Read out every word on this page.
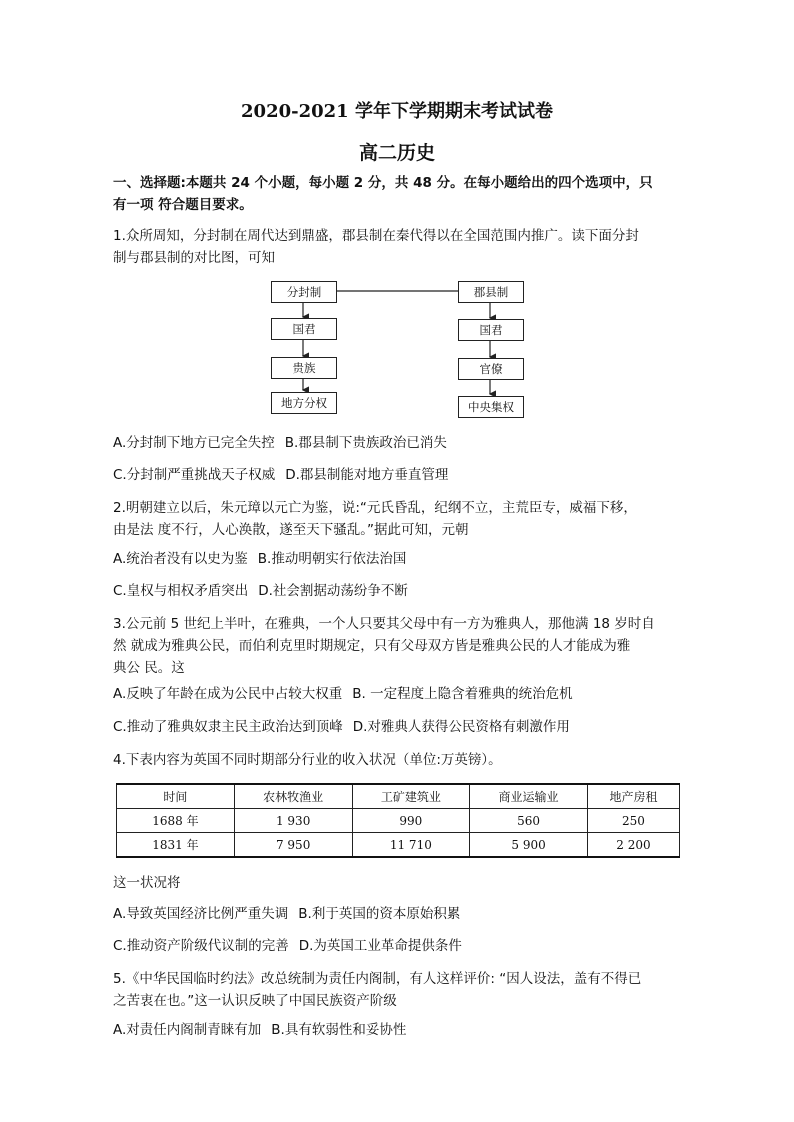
2020-2021 学年下学期期末考试试卷
高二历史
一、选择题:本题共 24 个小题，每小题 2 分，共 48 分。在每小题给出的四个选项中，只
有一项 符合题目要求。
1.众所周知，分封制在周代达到鼎盛，郡县制在秦代得以在全国范围内推广。读下面分封
制与郡县制的对比图，可知
分封制
国君
贵族
地方分权
郡县制
国君
官僚
中央集权
A.分封制下地方已完全失控 B.郡县制下贵族政治已消失
C.分封制严重挑战天子权威 D.郡县制能对地方垂直管理
2.明朝建立以后，朱元璋以元亡为鉴，说:“元氏昏乱，纪纲不立，主荒臣专，威福下移，
由是法 度不行，人心涣散，遂至天下骚乱。”据此可知，元朝
A.统治者没有以史为鉴 B.推动明朝实行依法治国
C.皇权与相权矛盾突出 D.社会割据动荡纷争不断
3.公元前 5 世纪上半叶，在雅典，一个人只要其父母中有一方为雅典人，那他满 18 岁时自
然 就成为雅典公民，而伯利克里时期规定，只有父母双方皆是雅典公民的人才能成为雅
典公 民。这
A.反映了年龄在成为公民中占较大权重 B. 一定程度上隐含着雅典的统治危机
C.推动了雅典奴隶主民主政治达到顶峰 D.对雅典人获得公民资格有刺激作用
4.下表内容为英国不同时期部分行业的收入状况（单位:万英镑）。
时间	农林牧渔业	工矿建筑业	商业运输业	地产房租
1688 年	1 930	990	560	250
1831 年	7 950	11 710	5 900	2 200
这一状况将
A.导致英国经济比例严重失调 B.利于英国的资本原始积累
C.推动资产阶级代议制的完善 D.为英国工业革命提供条件
5.《中华民国临时约法》改总统制为责任内阁制，有人这样评价: “因人设法，盖有不得已
之苦衷在也。”这一认识反映了中国民族资产阶级
A.对责任内阁制青睐有加 B.具有软弱性和妥协性
